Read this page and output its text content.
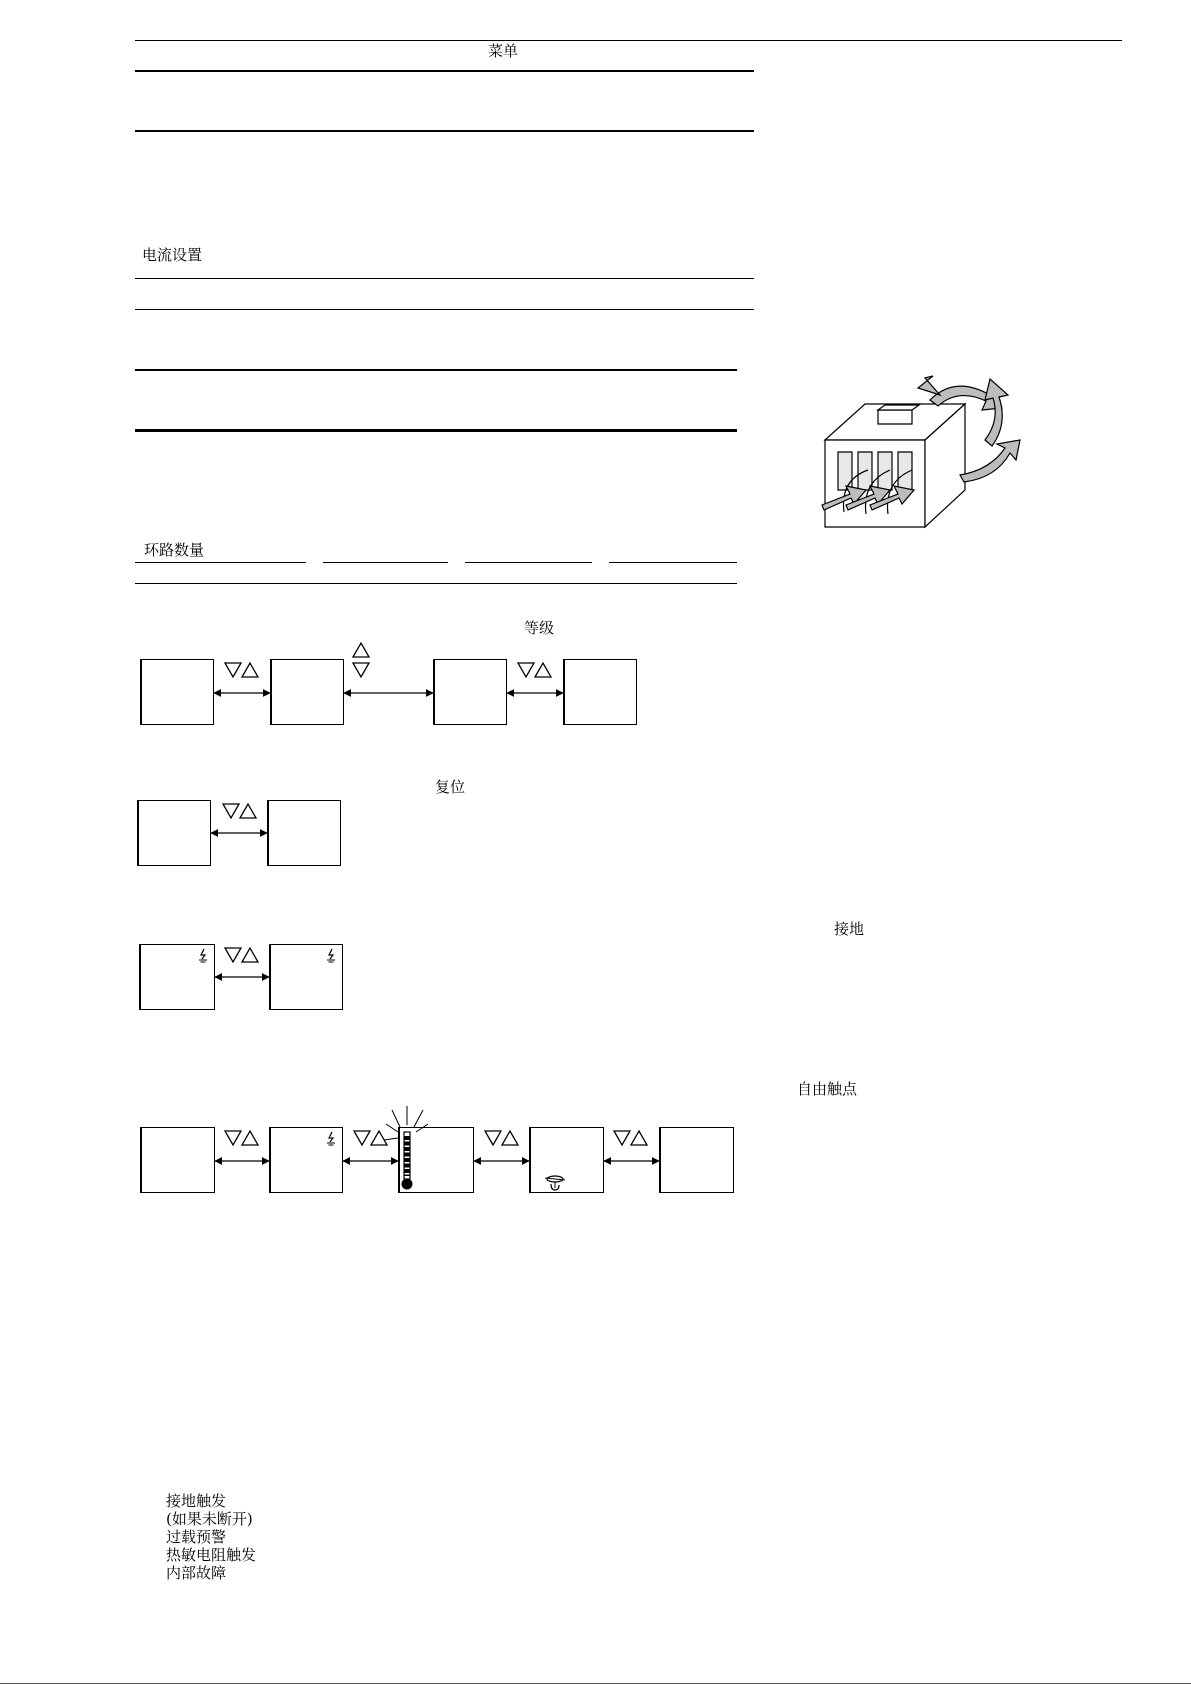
菜单
电流设置
环路数量
等级
复位
接地
自由触点
接地触发
(如果未断开)
过载预警
热敏电阻触发
内部故障
